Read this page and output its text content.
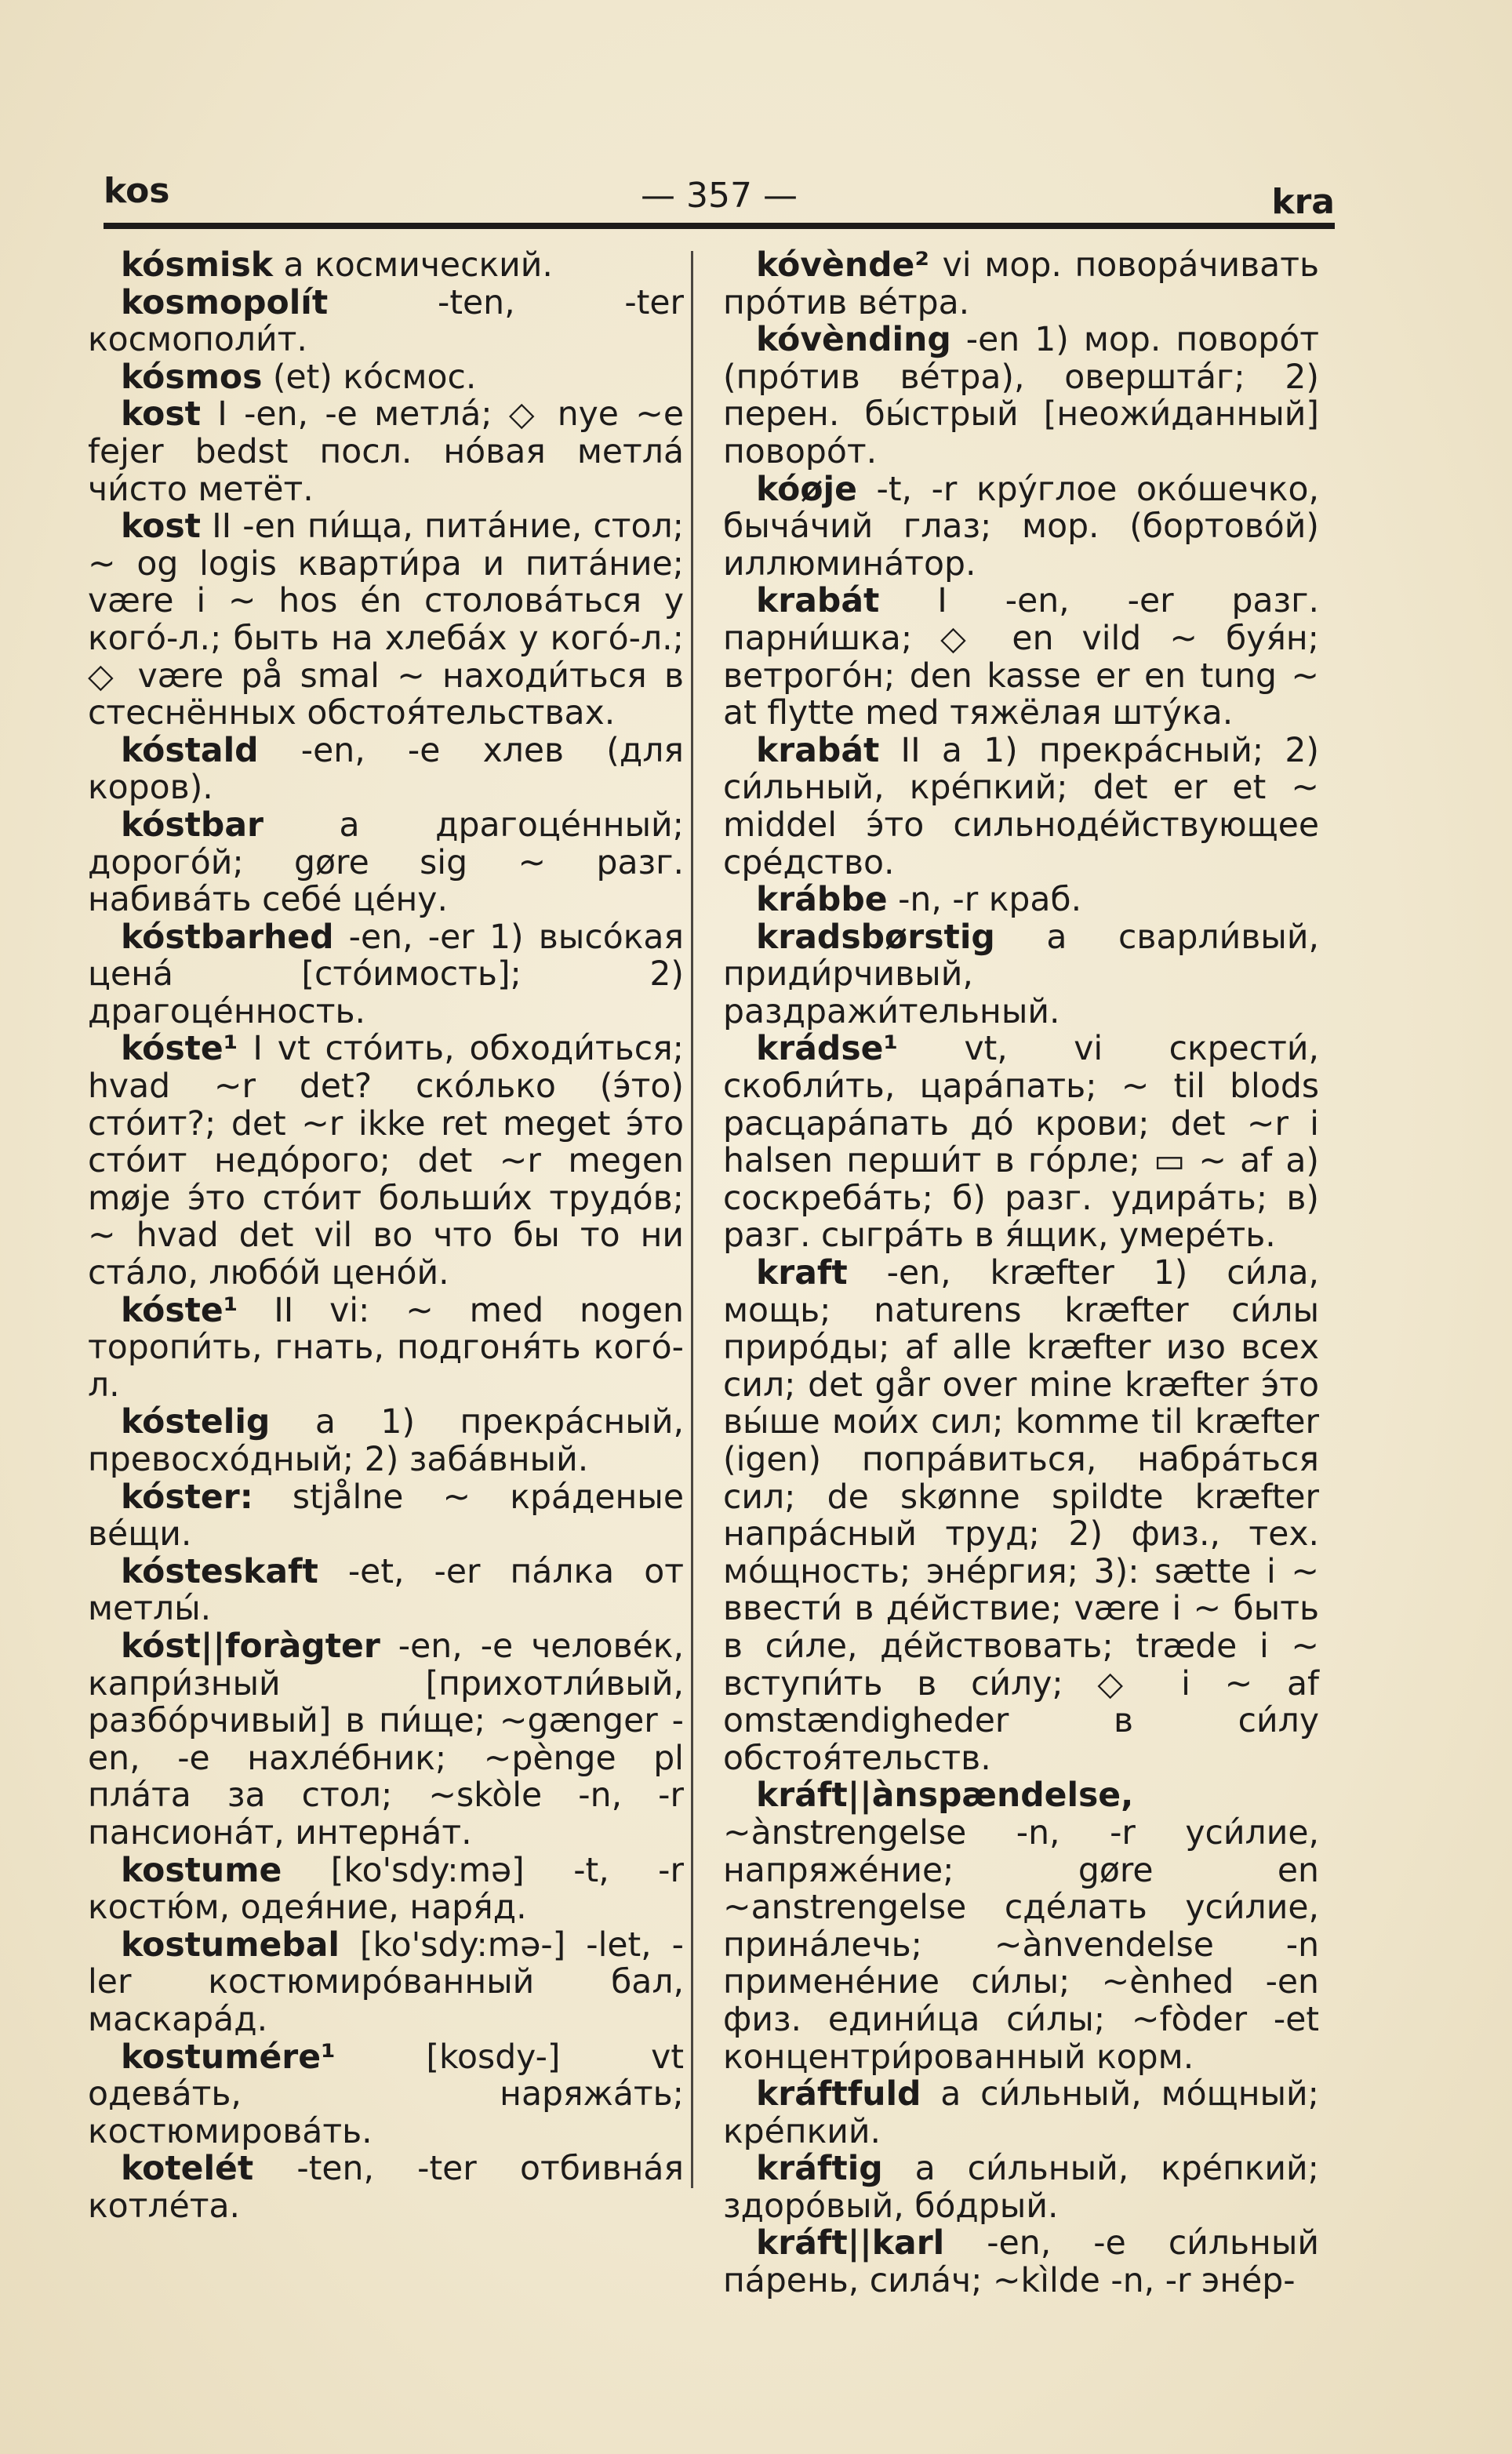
kos	— 357 —	kra

kósmisk а космический.

kosmopolít -ten, -ter космополи́т.

kósmos (et) ко́смос.

kost I -en, -e метла́; ◇ nye ~e fejer bedst посл. но́вая метла́ чи́сто метёт.

kost II -en пи́ща, пита́ние, стол; ~ og logis кварти́ра и пита́ние; være i ~ hos én столова́ться у кого́-л.; быть на хлеба́х у кого́-л.; ◇ være på smal ~ находи́ться в стеснённых обстоя́тельствах.

kóstald -en, -e хлев (для коров).

kóstbar а драгоце́нный; дорого́й; gøre sig ~ разг. набива́ть себе́ це́ну.

kóstbarhed -en, -er 1) высо́кая цена́ [сто́имость]; 2) драгоце́нность.

kóste¹ I vt сто́ить, обходи́ться; hvad ~r det? ско́лько (э́то) сто́ит?; det ~r ikke ret meget э́то сто́ит недо́рого; det ~r megen møje э́то сто́ит больши́х трудо́в; ~ hvad det vil во что бы то ни ста́ло, любо́й цено́й.

kóste¹ II vi: ~ med nogen торопи́ть, гнать, подгоня́ть кого́-л.

kóstelig а 1) прекра́сный, превосхо́дный; 2) заба́вный.

kóster: stjålne ~ кра́деные ве́щи.

kósteskaft -et, -er па́лка от метлы́.

kóst||foràgter -en, -e челове́к, капри́зный [прихотли́вый, разбо́рчивый] в пи́ще; ~gænger -en, -e нахле́бник; ~pènge pl пла́та за стол; ~skòle -n, -r пансиона́т, интерна́т.

kostume [ko'sdy:mə] -t, -r костю́м, одея́ние, наря́д.

kostumebal [ko'sdy:mə-] -let, -ler костюмиро́ванный бал, маскара́д.

kostumére¹ [kosdy-] vt одева́ть, наряжа́ть; костюмирова́ть.

kotelét -ten, -ter отбивна́я котле́та.

kóvènde² vi мор. повора́чивать про́тив ве́тра.

kóvènding -en 1) мор. поворо́т (про́тив ве́тра), овершта́г; 2) перен. бы́стрый [неожи́данный] поворо́т.

kóøje -t, -r кру́глое око́шечко, быча́чий глаз; мор. (бортово́й) иллюмина́тор.

krabát I -en, -er разг. парни́шка; ◇ en vild ~ буя́н; ветрого́н; den kasse er en tung ~ at flytte med тяжёлая шту́ка.

krabát II а 1) прекра́сный; 2) си́льный, кре́пкий; det er et ~ middel э́то сильноде́йствующее сре́дство.

krábbe -n, -r краб.

kradsbørstig а сварли́вый, приди́рчивый, раздражи́тельный.

krádse¹ vt, vi скрести́, скобли́ть, цара́пать; ~ til blods расцара́пать до́ крови; det ~r i halsen перши́т в го́рле; ▭ ~ af а) соскреба́ть; б) разг. удира́ть; в) разг. сыгра́ть в я́щик, умере́ть.

kraft -en, kræfter 1) си́ла, мощь; naturens kræfter си́лы приро́ды; af alle kræfter изо всех сил; det går over mine kræfter э́то вы́ше мои́х сил; komme til kræfter (igen) попра́виться, набра́ться сил; de skønne spildte kræfter напра́сный труд; 2) физ., тех. мо́щность; эне́ргия; 3): sætte i ~ ввести́ в де́йствие; være i ~ быть в си́ле, де́йствовать; træde i ~ вступи́ть в си́лу; ◇ i ~ af omstændigheder в си́лу обстоя́тельств.

kráft||ànspændelse, ~ànstrengelse -n, -r уси́лие, напряже́ние; gøre en ~anstrengelse сде́лать уси́лие, прина́лечь; ~ànvendelse -n примене́ние си́лы; ~ènhed -en физ. едини́ца си́лы; ~fòder -et концентри́рованный корм.

kráftfuld а си́льный, мо́щный; кре́пкий.

kráftig а си́льный, кре́пкий; здоро́вый, бо́дрый.

kráft||karl -en, -e си́льный па́рень, сила́ч; ~kìlde -n, -r эне́р-
